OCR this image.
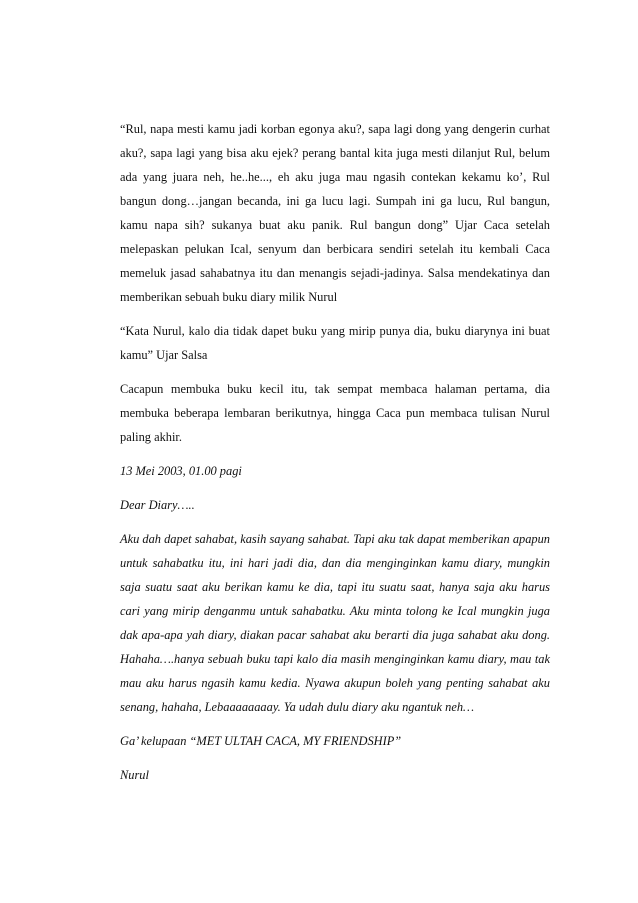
“Rul, napa mesti kamu jadi korban egonya aku?, sapa lagi dong yang dengerin curhat aku?, sapa lagi yang bisa aku ejek? perang bantal kita juga mesti dilanjut Rul, belum ada yang juara neh, he..he..., eh aku juga mau ngasih contekan kekamu ko’, Rul bangun dong…jangan becanda, ini ga lucu lagi. Sumpah ini ga lucu, Rul bangun, kamu napa sih? sukanya buat aku panik. Rul bangun dong” Ujar Caca setelah melepaskan pelukan Ical, senyum dan berbicara sendiri setelah itu kembali Caca memeluk jasad sahabatnya itu dan menangis sejadi-jadinya. Salsa mendekatinya dan memberikan sebuah buku diary milik Nurul

“Kata Nurul, kalo dia tidak dapet buku yang mirip punya dia, buku diarynya ini buat kamu” Ujar Salsa

Cacapun membuka buku kecil itu, tak sempat membaca halaman pertama, dia membuka beberapa lembaran berikutnya, hingga Caca pun membaca tulisan Nurul paling akhir.

13 Mei 2003, 01.00 pagi

Dear Diary…..

Aku dah dapet sahabat, kasih sayang sahabat. Tapi aku tak dapat memberikan apapun untuk sahabatku itu, ini hari jadi dia, dan dia menginginkan kamu diary, mungkin saja suatu saat aku berikan kamu ke dia, tapi itu suatu saat, hanya saja aku harus cari yang mirip denganmu untuk sahabatku. Aku minta tolong ke Ical mungkin juga dak apa-apa yah diary, diakan pacar sahabat aku berarti dia juga sahabat aku dong. Hahaha….hanya sebuah buku tapi kalo dia masih menginginkan kamu diary, mau tak mau aku harus ngasih kamu kedia. Nyawa akupun boleh yang penting sahabat aku senang, hahaha, Lebaaaaaaaay. Ya udah dulu diary aku ngantuk neh…

Ga’ kelupaan “MET ULTAH CACA, MY FRIENDSHIP”

Nurul
